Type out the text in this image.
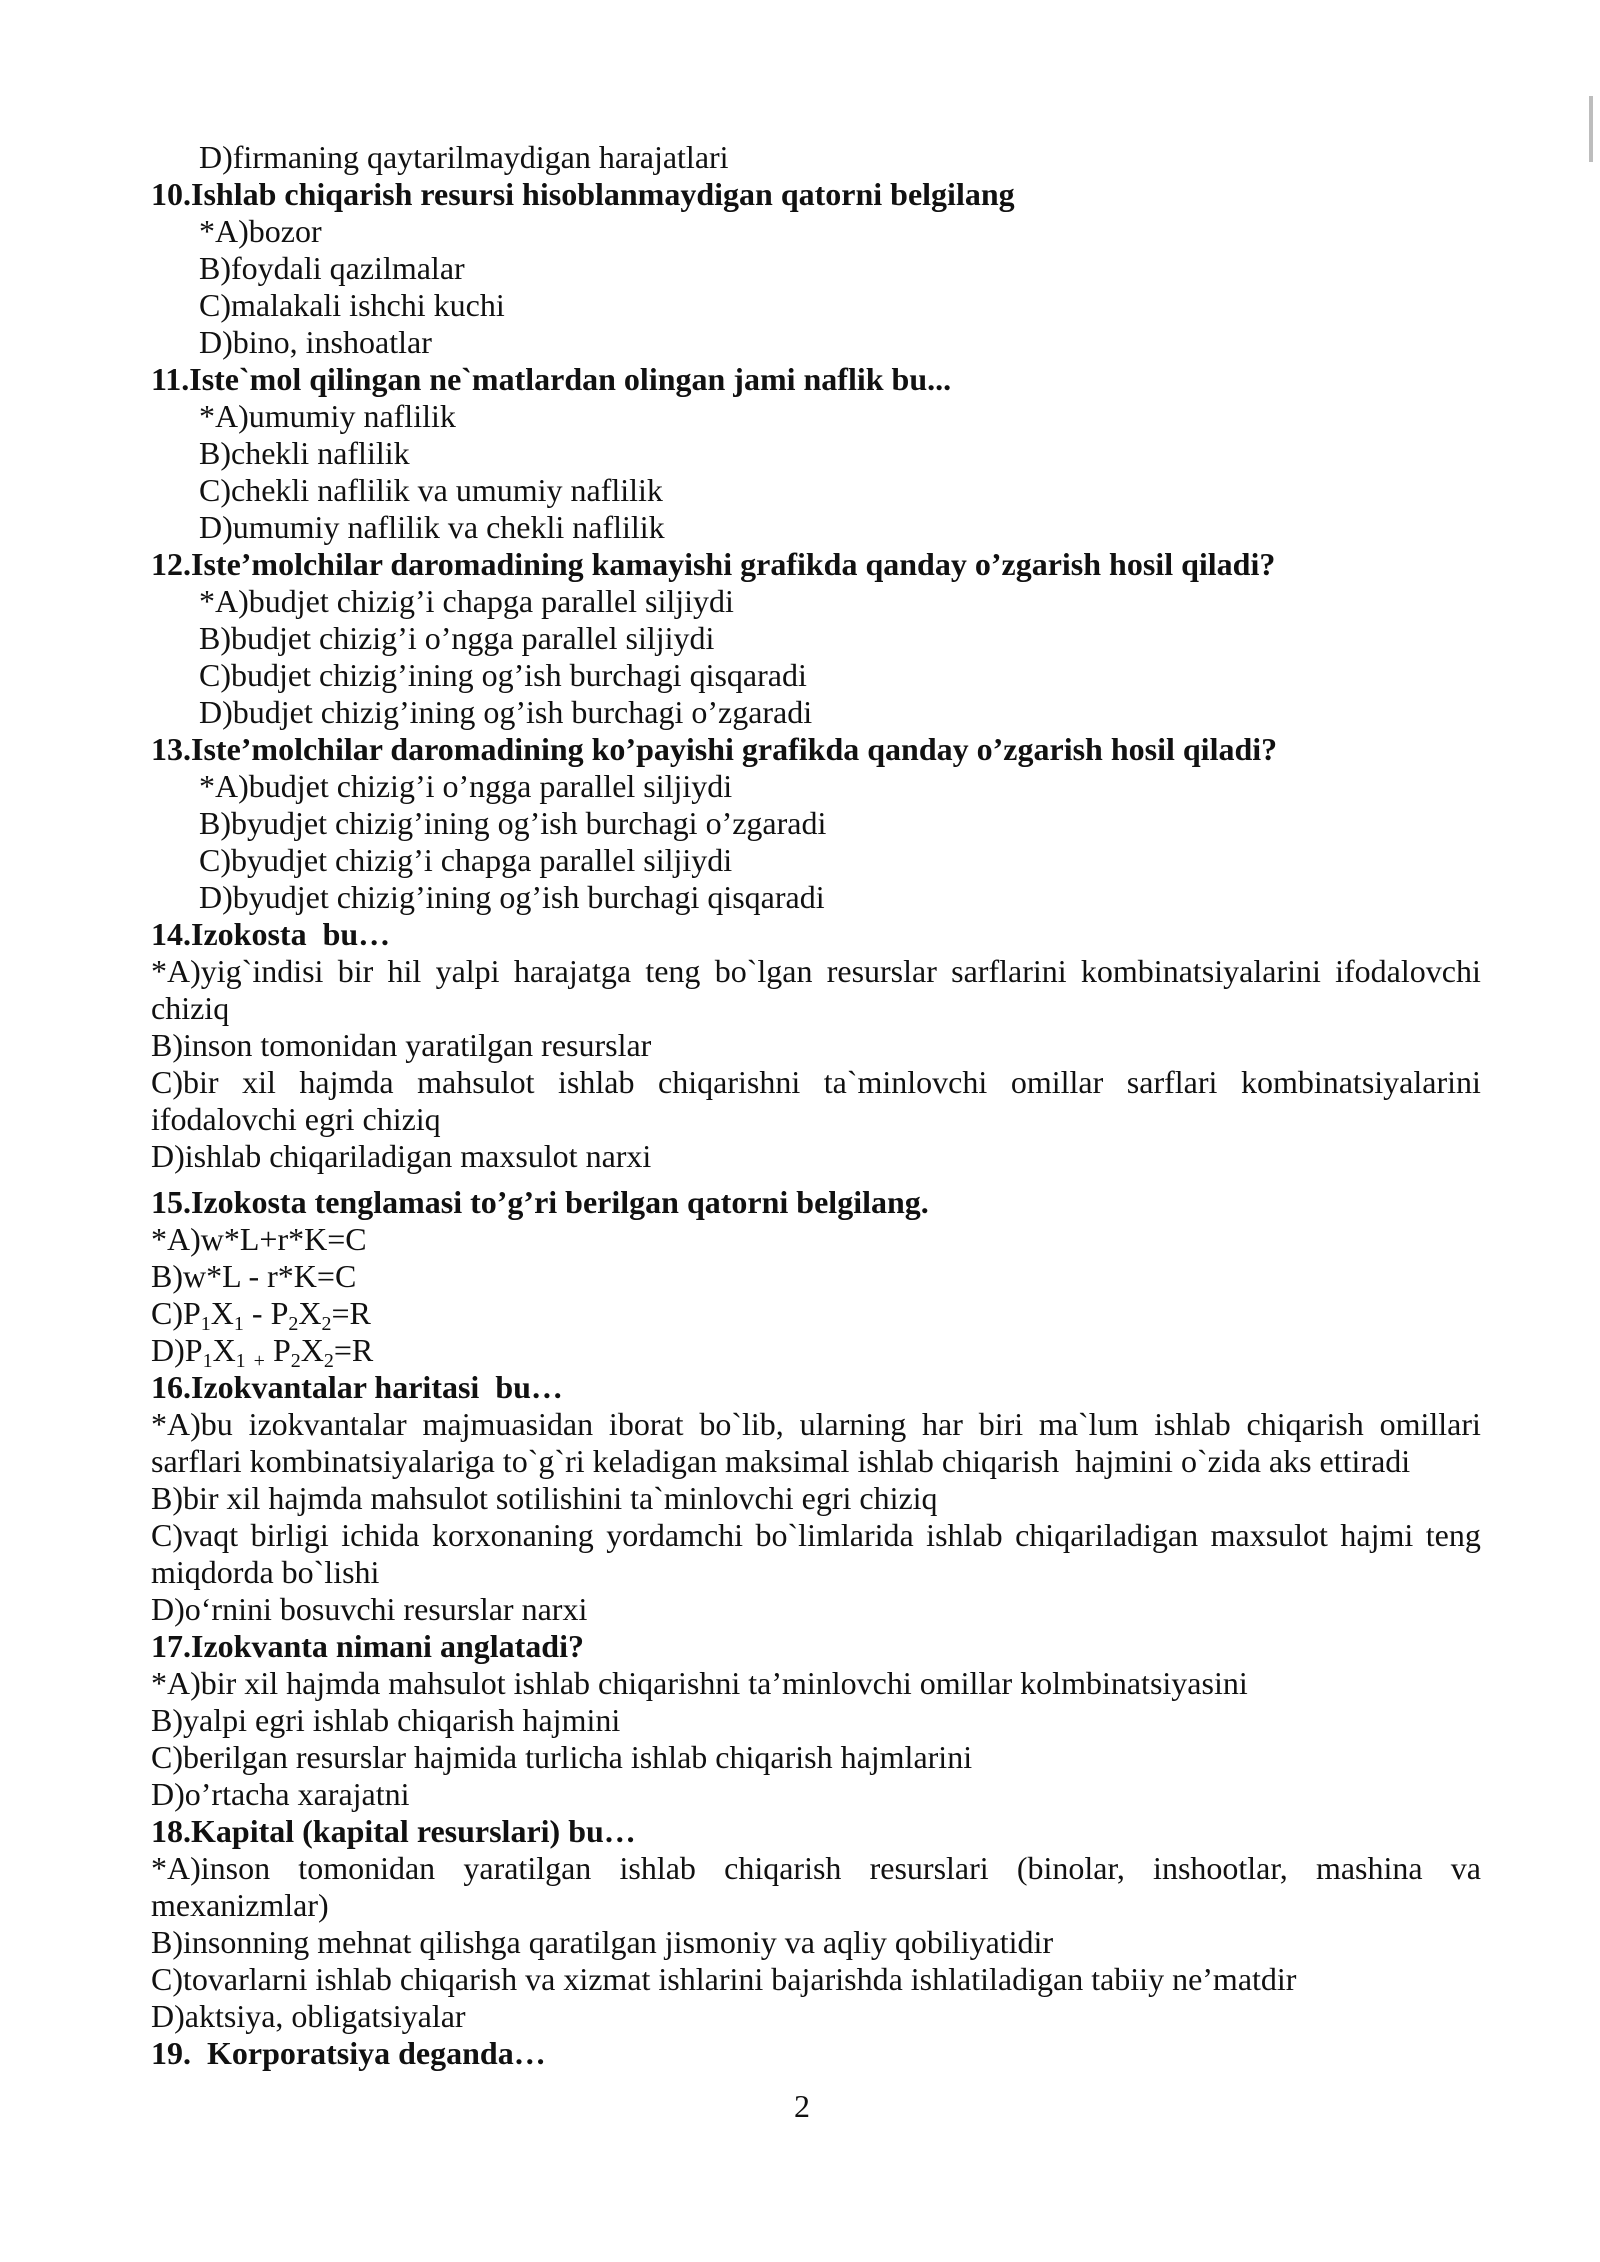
D)firmaning qaytarilmaydigan harajatlari
10.Ishlab chiqarish resursi hisoblanmaydigan qatorni belgilang
*A)bozor
B)foydali qazilmalar
C)malakali ishchi kuchi
D)bino, inshoatlar
11.Iste`mol qilingan ne`matlardan olingan jami naflik bu...
*A)umumiy naflilik
B)chekli naflilik
C)chekli naflilik va umumiy naflilik
D)umumiy naflilik va chekli naflilik
12.Iste’molchilar daromadining kamayishi grafikda qanday o’zgarish hosil qiladi?
*A)budjet chizig’i chapga parallel siljiydi
B)budjet chizig’i o’ngga parallel siljiydi
C)budjet chizig’ining og’ish burchagi qisqaradi
D)budjet chizig’ining og’ish burchagi o’zgaradi
13.Iste’molchilar daromadining ko’payishi grafikda qanday o’zgarish hosil qiladi?
*A)budjet chizig’i o’ngga parallel siljiydi
B)byudjet chizig’ining og’ish burchagi o’zgaradi
C)byudjet chizig’i chapga parallel siljiydi
D)byudjet chizig’ining og’ish burchagi qisqaradi
14.Izokosta  bu…
*A)yig`indisi bir hil yalpi harajatga teng bo`lgan resurslar sarflarini kombinatsiyalarini ifodalovchi
chiziq
B)inson tomonidan yaratilgan resurslar
C)bir xil hajmda mahsulot ishlab chiqarishni ta`minlovchi omillar sarflari kombinatsiyalarini
ifodalovchi egri chiziq
D)ishlab chiqariladigan maxsulot narxi
15.Izokosta tenglamasi to’g’ri berilgan qatorni belgilang.
*A)w*L+r*K=C
B)w*L - r*K=C
C)P1X1 - P2X2=R
D)P1X1 + P2X2=R
16.Izokvantalar haritasi  bu…
*A)bu izokvantalar majmuasidan iborat bo`lib, ularning har biri ma`lum ishlab chiqarish omillari
sarflari kombinatsiyalariga to`g`ri keladigan maksimal ishlab chiqarish  hajmini o`zida aks ettiradi
B)bir xil hajmda mahsulot sotilishini ta`minlovchi egri chiziq
C)vaqt birligi ichida korxonaning yordamchi bo`limlarida ishlab chiqariladigan maxsulot hajmi teng
miqdorda bo`lishi
D)o‘rnini bosuvchi resurslar narxi
17.Izokvanta nimani anglatadi?
*A)bir xil hajmda mahsulot ishlab chiqarishni ta’minlovchi omillar kolmbinatsiyasini
B)yalpi egri ishlab chiqarish hajmini
C)berilgan resurslar hajmida turlicha ishlab chiqarish hajmlarini
D)o’rtacha xarajatni
18.Kapital (kapital resurslari) bu…
*A)inson tomonidan yaratilgan ishlab chiqarish resurslari (binolar, inshootlar, mashina va
mexanizmlar)
B)insonning mehnat qilishga qaratilgan jismoniy va aqliy qobiliyatidir
C)tovarlarni ishlab chiqarish va xizmat ishlarini bajarishda ishlatiladigan tabiiy ne’matdir
D)aktsiya, obligatsiyalar
19.  Korporatsiya deganda…
2
